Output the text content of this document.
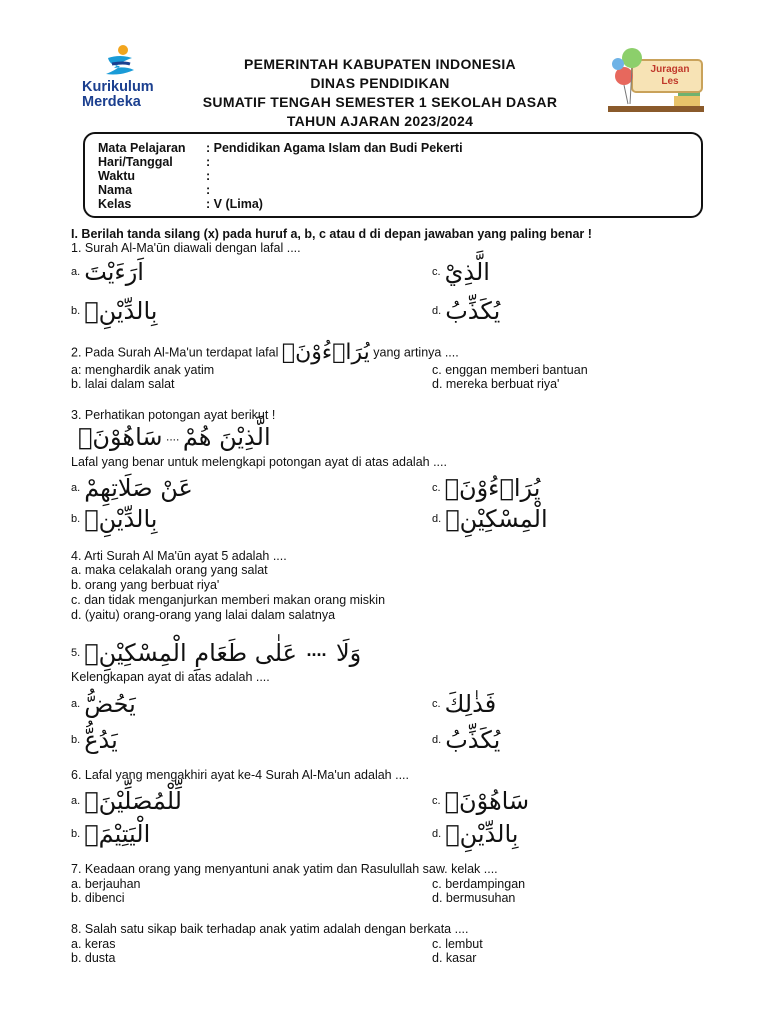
Kurikulum
Merdeka
Juragan
Les
PEMERINTAH KABUPATEN INDONESIA
DINAS PENDIDIKAN
SUMATIF TENGAH SEMESTER 1 SEKOLAH DASAR
TAHUN AJARAN 2023/2024
Mata Pelajaran : Pendidikan Agama Islam dan Budi Pekerti
Hari/Tanggal	:
Waktu	:
Nama	:
Kelas	: V (Lima)
I. Berilah tanda silang (x) pada huruf a, b, c atau d di depan jawaban yang paling benar !
1. Surah Al-Ma'ūn diawali dengan lafal ....
a. اَرَءَيْتَ	c. الَّذِيْ
b. بِالدِّيْنِۗ	d. يُكَذِّبُ
2. Pada Surah Al-Ma'un terdapat lafal يُرَاۤءُوْنَۙ yang artinya ....
a: menghardik anak yatim	c. enggan memberi bantuan
b. lalai dalam salat	d. mereka berbuat riya'
3. Perhatikan potongan ayat berikut !
سَاهُوْنَۙ .... الَّذِيْنَ هُمْ
Lafal yang benar untuk melengkapi potongan ayat di atas adalah ....
a. عَنْ صَلَاتِهِمْ	c. يُرَاۤءُوْنَۙ
b. بِالدِّيْنِۗ	d. الْمِسْكِيْنِۗ
4. Arti Surah Al Ma'ūn ayat 5 adalah ....
a. maka celakalah orang yang salat
b. orang yang berbuat riya'
c. dan tidak menganjurkan memberi makan orang miskin
d. (yaitu) orang-orang yang lalai dalam salatnya
5. عَلٰى طَعَامِ الْمِسْكِيْنِۗ .... وَلَا
Kelengkapan ayat di atas adalah ....
a. يَحُضُّ	c. فَذٰلِكَ
b. يَدُعُّ	d. يُكَذِّبُ
6. Lafal yang mengakhiri ayat ke-4 Surah Al-Ma'un adalah ....
a. لِّلْمُصَلِّيْنَۙ	c. سَاهُوْنَۙ
b. الْيَتِيْمَۙ	d. بِالدِّيْنِۗ
7. Keadaan orang yang menyantuni anak yatim dan Rasulullah saw. kelak ....
a. berjauhan	c. berdampingan
b. dibenci	d. bermusuhan
8. Salah satu sikap baik terhadap anak yatim adalah dengan berkata ....
a. keras	c. lembut
b. dusta	d. kasar
